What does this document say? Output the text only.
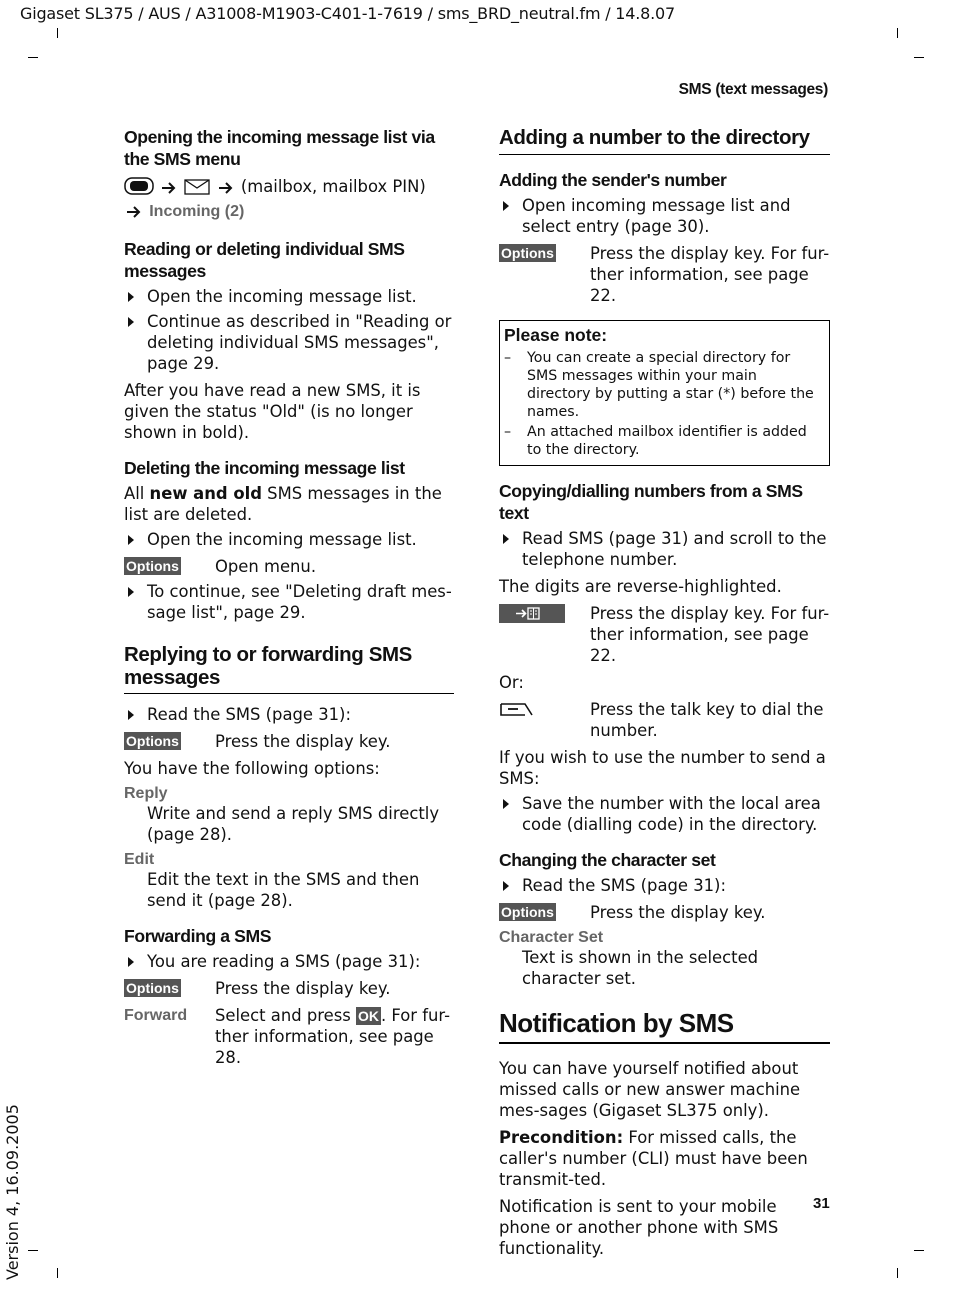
Gigaset SL375 / AUS / A31008-M1903-C401-1-7619 / sms_BRD_neutral.fm / 14.8.07
SMS (text messages)
31
Version 4, 16.09.2005
Opening the incoming message list via the SMS menu
(mailbox, mailbox PIN)
Incoming (2)
Reading or deleting individual SMS messages
Open the incoming message list.
Continue as described in "Reading or deleting individual SMS messages", page 29.

After you have read a new SMS, it is given the status "Old" (is no longer shown in bold).

Deleting the incoming message list

All new and old SMS messages in the list are deleted.

Open the incoming message list.
Options Open menu.
To continue, see "Deleting draft mes-sage list", page 29.
Replying to or forwarding SMS messages
Read the SMS (page 31):
Options Press the display key.

You have the following options:

Reply
Write and send a reply SMS directly (page 28).
Edit
Edit the text in the SMS and then send it (page 28).
Forwarding a SMS
You are reading a SMS (page 31):
Options Press the display key.
Forward Select and press OK . For fur-ther information, see page 28.
Adding a number to the directory
Adding the sender's number
Open incoming message list and select entry (page 30).
Options Press the display key. For fur-ther information, see page 22.
Please note:
– You can create a special directory for SMS messages within your main directory by putting a star (*) before the names.
– An attached mailbox identifier is added to the directory.
Copying/dialling numbers from a SMS text
Read SMS (page 31) and scroll to the telephone number.

The digits are reverse-highlighted.

Press the display key. For fur-ther information, see page 22.

Or:

Press the talk key to dial the number.

If you wish to use the number to send a SMS:

Save the number with the local area code (dialling code) in the directory.
Changing the character set
Read the SMS (page 31):
Options Press the display key.
Character Set
Text is shown in the selected character set.
Notification by SMS

You can have yourself notified about missed calls or new answer machine mes-sages (Gigaset SL375 only).

Precondition: For missed calls, the caller's number (CLI) must have been transmit-ted.

Notification is sent to your mobile phone or another phone with SMS functionality.
